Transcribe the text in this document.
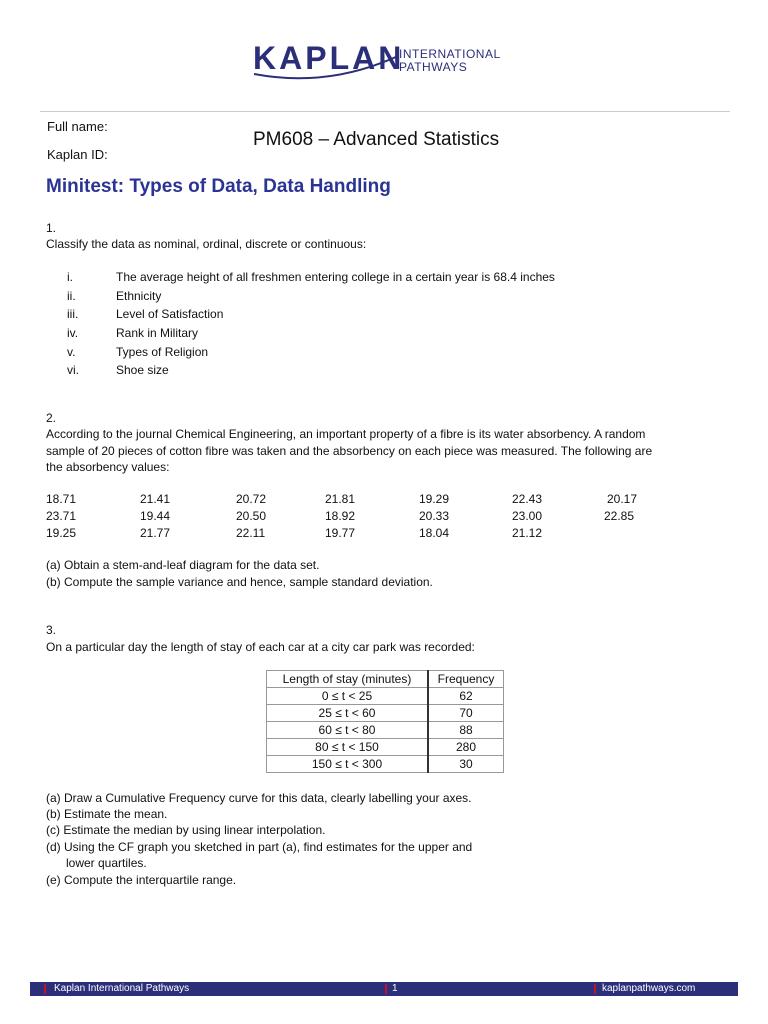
KAPLAN
INTERNATIONAL
PATHWAYS
Full name:
Kaplan ID:
PM608 – Advanced Statistics
Minitest: Types of Data, Data Handling
1.
Classify the data as nominal, ordinal, discrete or continuous:
i.	The average height of all freshmen entering college in a certain year is 68.4 inches
ii.	Ethnicity
iii.	Level of Satisfaction
iv.	Rank in Military
v.	Types of Religion
vi.	Shoe size
2.
According to the journal Chemical Engineering, an important property of a fibre is its water absorbency. A random
sample of 20 pieces of cotton fibre was taken and the absorbency on each piece was measured. The following are
the absorbency values:
18.71	21.41	20.72	21.81	19.29	22.43	20.17
23.71	19.44	20.50	18.92	20.33	23.00	22.85
19.25	21.77	22.11	19.77	18.04	21.12
(a) Obtain a stem-and-leaf diagram for the data set.
(b) Compute the sample variance and hence, sample standard deviation.
3.
On a particular day the length of stay of each car at a city car park was recorded:
Length of stay (minutes)	Frequency
0 ≤ t < 25	62
25 ≤ t < 60	70
60 ≤ t < 80	88
80 ≤ t < 150	280
150 ≤ t < 300	30
(a) Draw a Cumulative Frequency curve for this data, clearly labelling your axes.
(b) Estimate the mean.
(c) Estimate the median by using linear interpolation.
(d) Using the CF graph you sketched in part (a), find estimates for the upper and
lower quartiles.
(e) Compute the interquartile range.
Kaplan International Pathways	1	kaplanpathways.com
